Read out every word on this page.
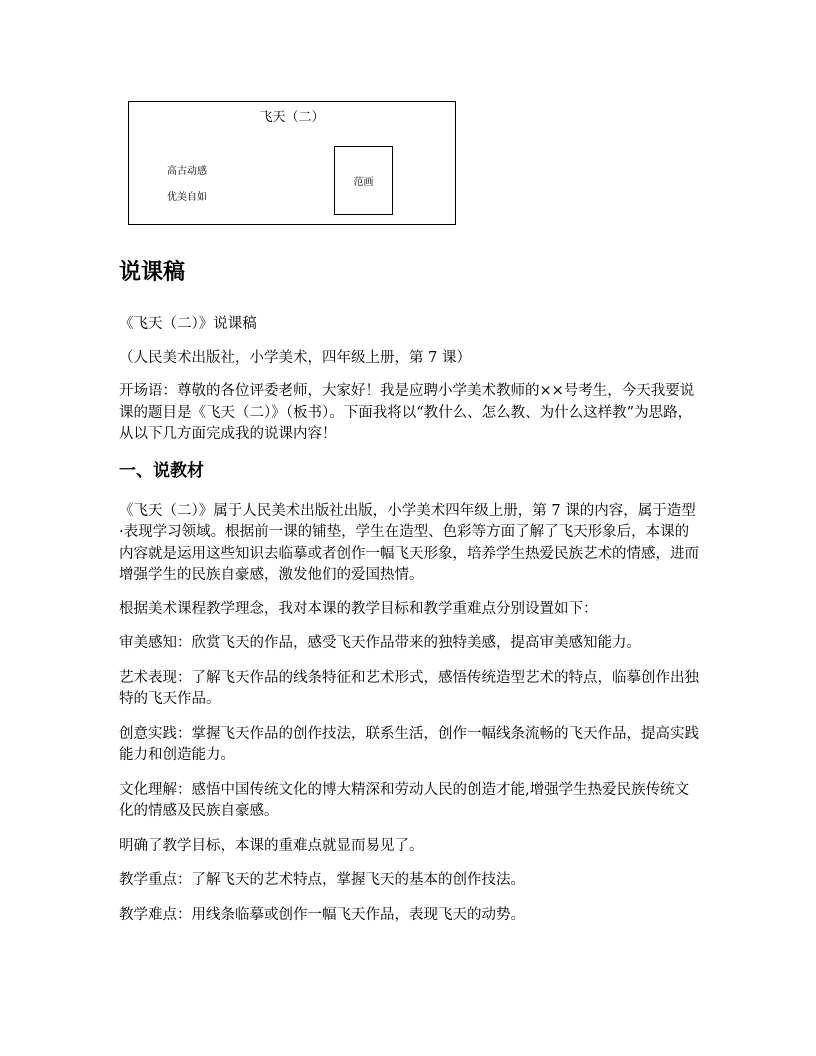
飞天（二）
高古动感
优美自如
范画
说课稿

《飞天（二）》说课稿

（人民美术出版社，小学美术，四年级上册，第 7 课）

开场语：尊敬的各位评委老师，大家好！我是应聘小学美术教师的××号考生，今天我要说课的题目是《飞天（二）》（板书）。下面我将以“教什么、怎么教、为什么这样教”为思路，从以下几方面完成我的说课内容！

一、说教材

《飞天（二）》属于人民美术出版社出版，小学美术四年级上册，第 7 课的内容，属于造型·表现学习领域。根据前一课的铺垫，学生在造型、色彩等方面了解了飞天形象后，本课的内容就是运用这些知识去临摹或者创作一幅飞天形象，培养学生热爱民族艺术的情感，进而增强学生的民族自豪感，激发他们的爱国热情。

根据美术课程教学理念，我对本课的教学目标和教学重难点分别设置如下：

审美感知：欣赏飞天的作品，感受飞天作品带来的独特美感，提高审美感知能力。

艺术表现：了解飞天作品的线条特征和艺术形式，感悟传统造型艺术的特点，临摹创作出独特的飞天作品。

创意实践：掌握飞天作品的创作技法，联系生活，创作一幅线条流畅的飞天作品，提高实践能力和创造能力。

文化理解：感悟中国传统文化的博大精深和劳动人民的创造才能,增强学生热爱民族传统文化的情感及民族自豪感。

明确了教学目标，本课的重难点就显而易见了。

教学重点：了解飞天的艺术特点，掌握飞天的基本的创作技法。

教学难点：用线条临摹或创作一幅飞天作品，表现飞天的动势。
